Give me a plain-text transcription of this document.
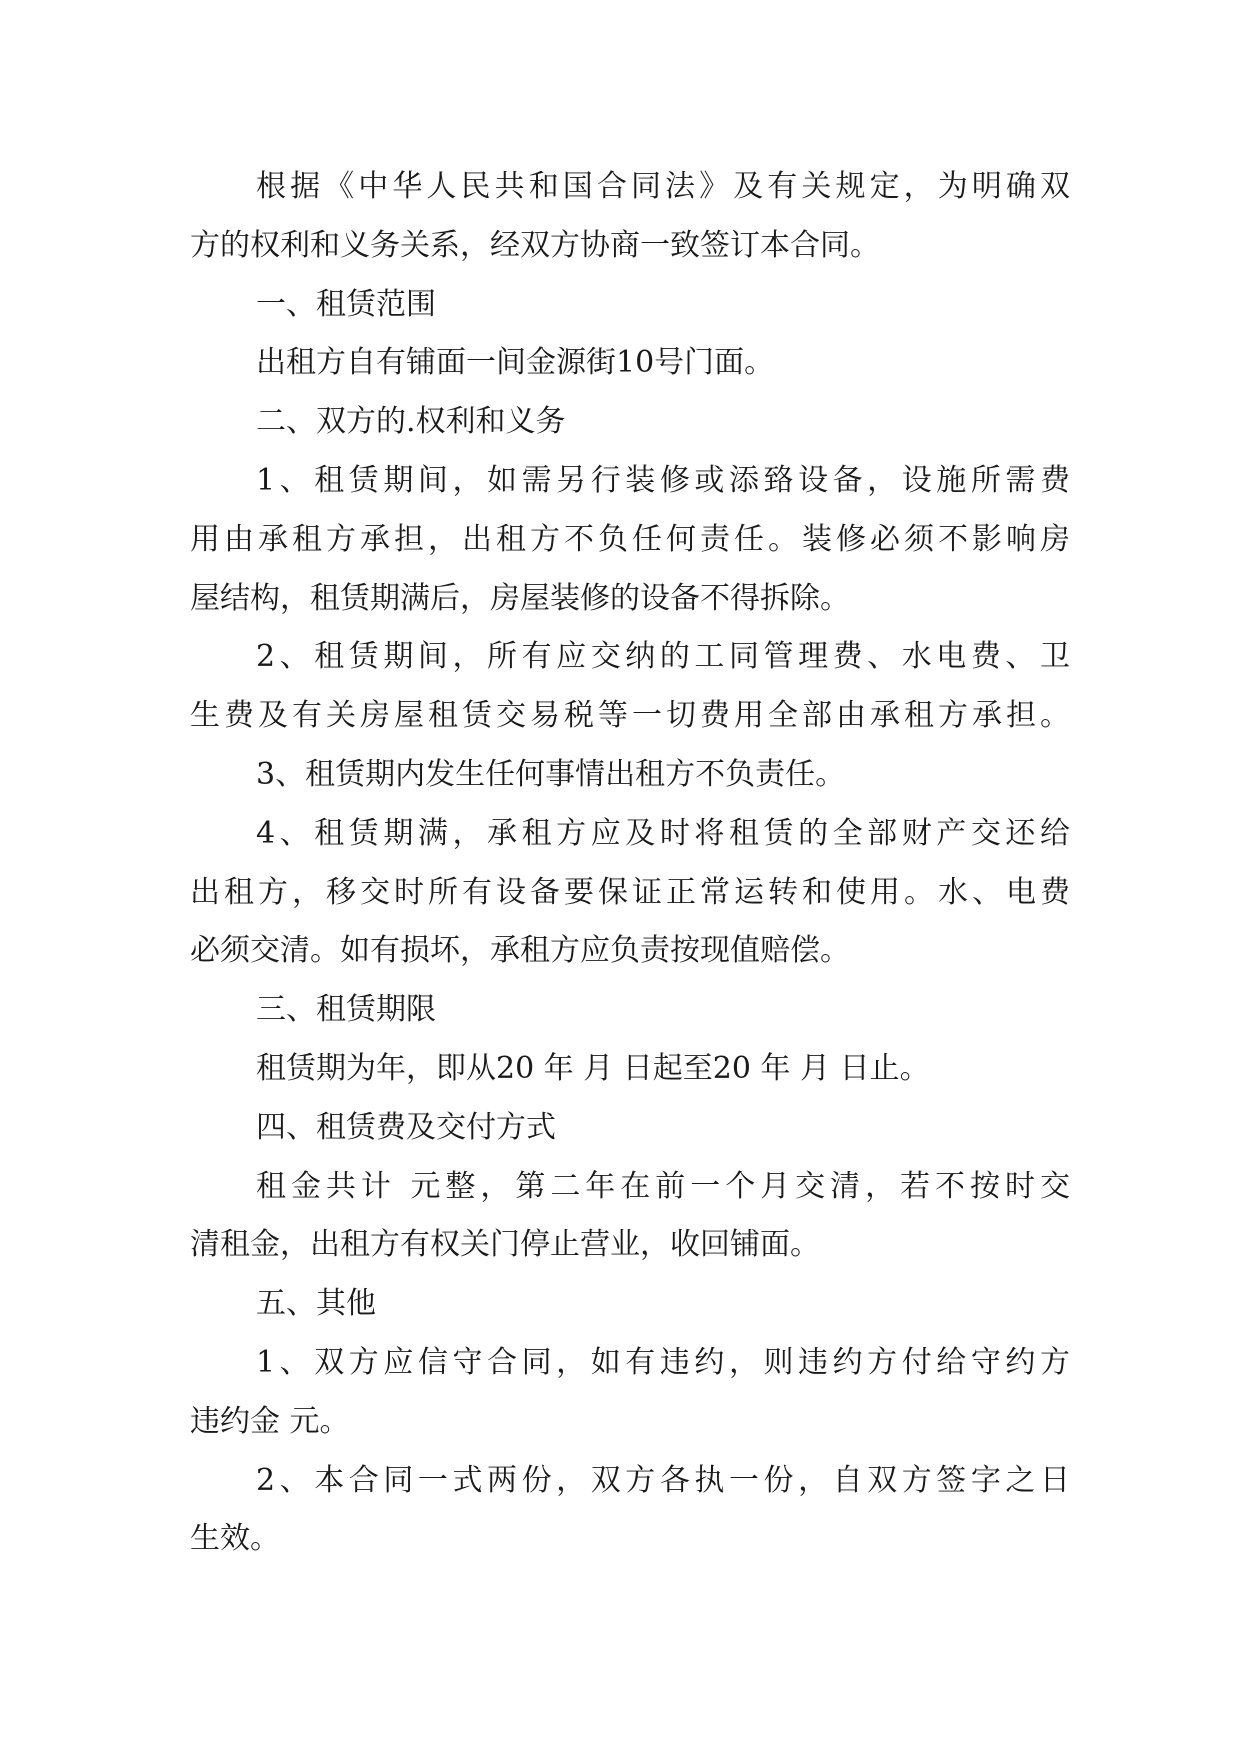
根据《中华人民共和国合同法》及有关规定，为明确双
方的权利和义务关系，经双方协商一致签订本合同。
一、租赁范围
出租方自有铺面一间金源街10号门面。
二、双方的.权利和义务
1、租赁期间，如需另行装修或添臵设备，设施所需费
用由承租方承担，出租方不负任何责任。装修必须不影响房
屋结构，租赁期满后，房屋装修的设备不得拆除。
2、租赁期间，所有应交纳的工同管理费、水电费、卫
生费及有关房屋租赁交易税等一切费用全部由承租方承担。
3、租赁期内发生任何事情出租方不负责任。
4、租赁期满，承租方应及时将租赁的全部财产交还给
出租方，移交时所有设备要保证正常运转和使用。水、电费
必须交清。如有损坏，承租方应负责按现值赔偿。
三、租赁期限
租赁期为年，即从20 年 月 日起至20 年 月 日止。
四、租赁费及交付方式
租金共计 元整，第二年在前一个月交清，若不按时交
清租金，出租方有权关门停止营业，收回铺面。
五、其他
1、双方应信守合同，如有违约，则违约方付给守约方
违约金 元。
2、本合同一式两份，双方各执一份，自双方签字之日
生效。
